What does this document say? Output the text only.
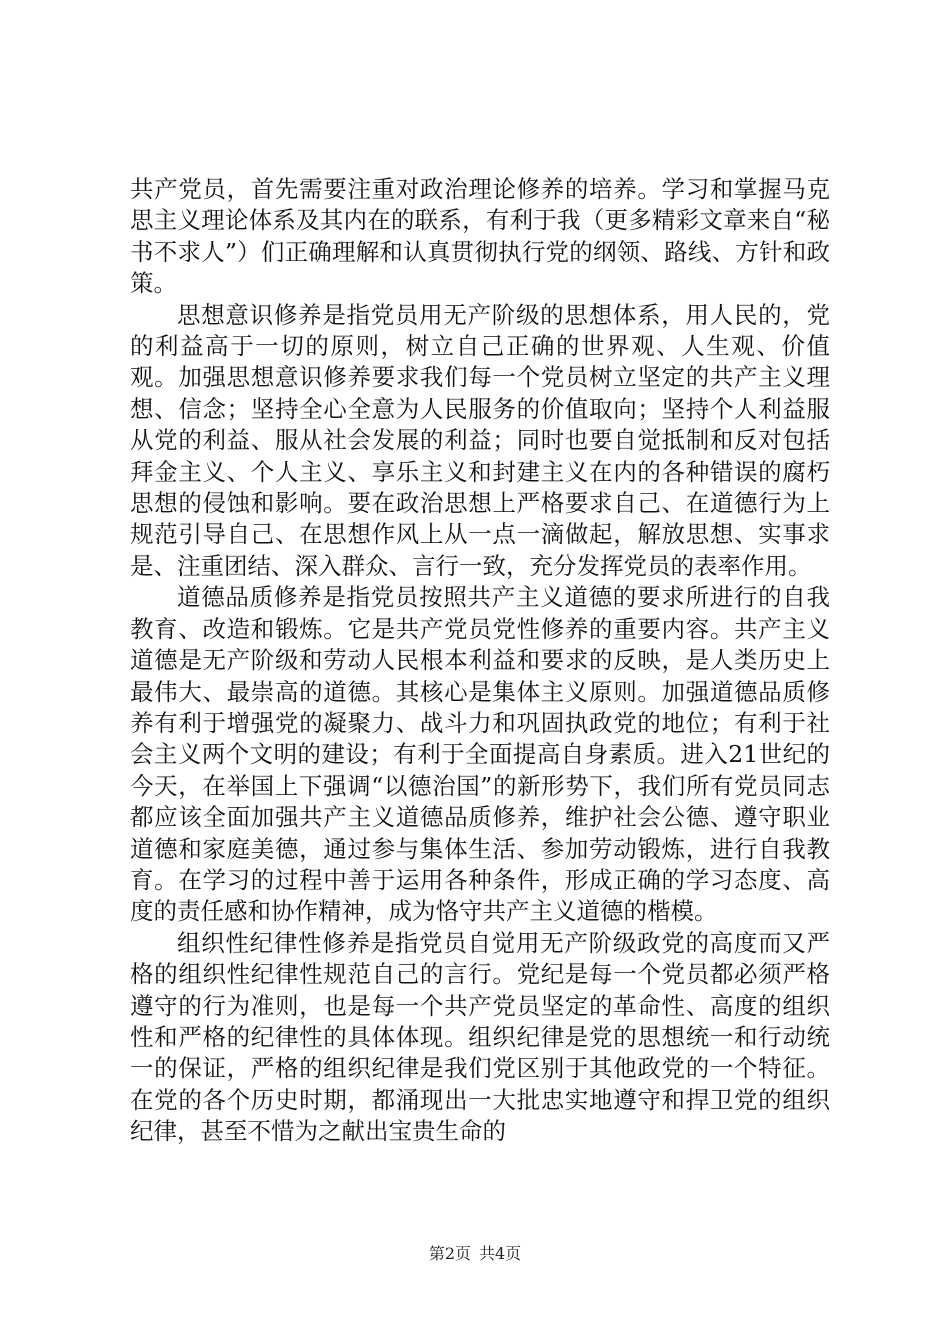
共产党员，首先需要注重对政治理论修养的培养。学习和掌握马克思主义理论体系及其内在的联系，有利于我（更多精彩文章来自“秘书不求人”）们正确理解和认真贯彻执行党的纲领、路线、方针和政策。

思想意识修养是指党员用无产阶级的思想体系，用人民的，党的利益高于一切的原则，树立自己正确的世界观、人生观、价值观。加强思想意识修养要求我们每一个党员树立坚定的共产主义理想、信念；坚持全心全意为人民服务的价值取向；坚持个人利益服从党的利益、服从社会发展的利益；同时也要自觉抵制和反对包括拜金主义、个人主义、享乐主义和封建主义在内的各种错误的腐朽思想的侵蚀和影响。要在政治思想上严格要求自己、在道德行为上规范引导自己、在思想作风上从一点一滴做起，解放思想、实事求是、注重团结、深入群众、言行一致，充分发挥党员的表率作用。

道德品质修养是指党员按照共产主义道德的要求所进行的自我教育、改造和锻炼。它是共产党员党性修养的重要内容。共产主义道德是无产阶级和劳动人民根本利益和要求的反映，是人类历史上最伟大、最崇高的道德。其核心是集体主义原则。加强道德品质修养有利于增强党的凝聚力、战斗力和巩固执政党的地位；有利于社会主义两个文明的建设；有利于全面提高自身素质。进入21世纪的今天，在举国上下强调“以德治国”的新形势下，我们所有党员同志都应该全面加强共产主义道德品质修养，维护社会公德、遵守职业道德和家庭美德，通过参与集体生活、参加劳动锻炼，进行自我教育。在学习的过程中善于运用各种条件，形成正确的学习态度、高度的责任感和协作精神，成为恪守共产主义道德的楷模。

组织性纪律性修养是指党员自觉用无产阶级政党的高度而又严格的组织性纪律性规范自己的言行。党纪是每一个党员都必须严格遵守的行为准则，也是每一个共产党员坚定的革命性、高度的组织性和严格的纪律性的具体体现。组织纪律是党的思想统一和行动统一的保证，严格的组织纪律是我们党区别于其他政党的一个特征。在党的各个历史时期，都涌现出一大批忠实地遵守和捍卫党的组织纪律，甚至不惜为之献出宝贵生命的

第2页 共4页
